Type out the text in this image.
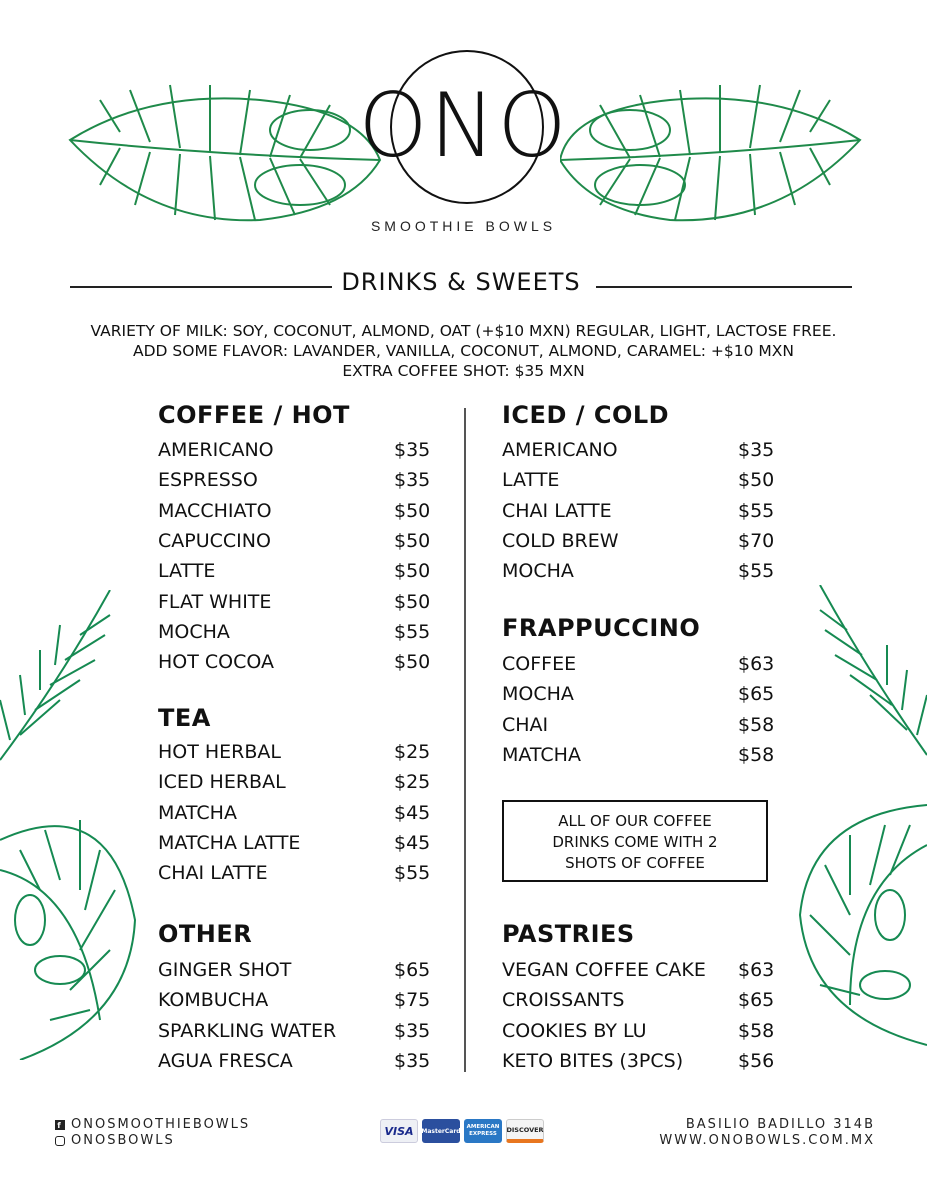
ONO
SMOOTHIE BOWLS
DRINKS & SWEETS
VARIETY OF MILK: SOY, COCONUT, ALMOND, OAT (+$10 MXN) REGULAR, LIGHT, LACTOSE FREE.
ADD SOME FLAVOR: LAVANDER, VANILLA, COCONUT, ALMOND, CARAMEL: +$10 MXN
EXTRA COFFEE SHOT: $35 MXN
COFFEE / HOT
AMERICANO	$35
ESPRESSO	$35
MACCHIATO	$50
CAPUCCINO	$50
LATTE	$50
FLAT WHITE	$50
MOCHA	$55
HOT COCOA	$50
TEA
HOT HERBAL	$25
ICED HERBAL	$25
MATCHA	$45
MATCHA LATTE	$45
CHAI LATTE	$55
OTHER
GINGER SHOT	$65
KOMBUCHA	$75
SPARKLING WATER	$35
AGUA FRESCA	$35
ICED / COLD
AMERICANO	$35
LATTE	$50
CHAI LATTE	$55
COLD BREW	$70
MOCHA	$55
FRAPPUCCINO
COFFEE	$63
MOCHA	$65
CHAI	$58
MATCHA	$58
ALL OF OUR COFFEE
DRINKS COME WITH 2
SHOTS OF COFFEE
PASTRIES
VEGAN COFFEE CAKE $63
CROISSANTS	$65
COOKIES BY LU	$58
KETO BITES (3PCS)	$56
f ONOSMOOTHIEBOWLS
ONOSBOWLS
VISA	MasterCard
AMERICAN EXPRESS
DISCOVER	BASILIO BADILLO 314B
WWW.ONOBOWLS.COM.MX
